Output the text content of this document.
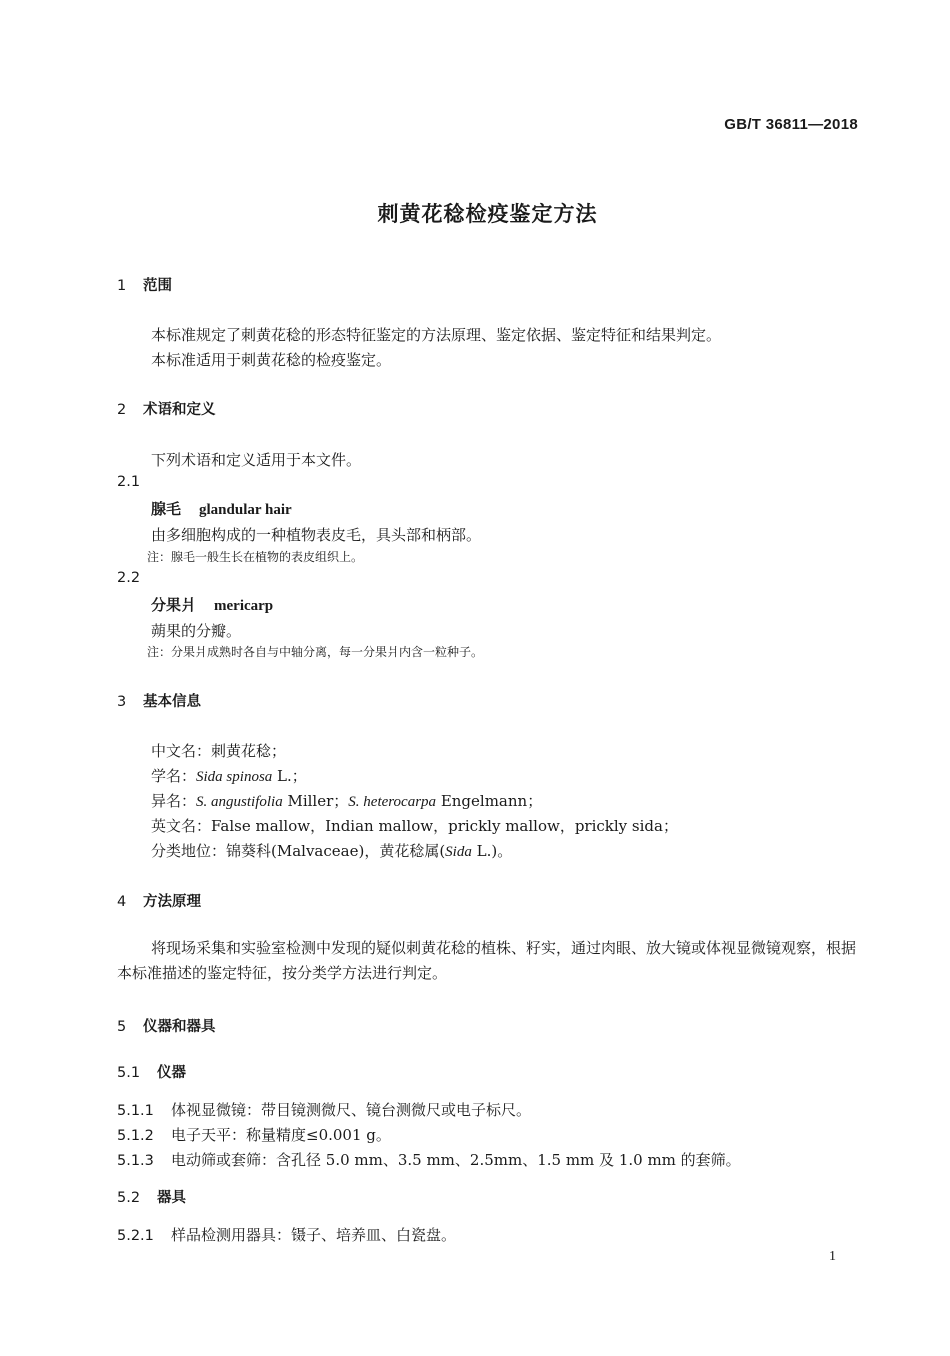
GB/T 36811—2018
刺黄花稔检疫鉴定方法
1 范围
本标准规定了刺黄花稔的形态特征鉴定的方法原理、鉴定依据、鉴定特征和结果判定。
本标准适用于刺黄花稔的检疫鉴定。
2 术语和定义
下列术语和定义适用于本文件。
2.1
腺毛 glandular hair
由多细胞构成的一种植物表皮毛，具头部和柄部。
注：腺毛一般生长在植物的表皮组织上。
2.2
分果爿 mericarp
蒴果的分瓣。
注：分果爿成熟时各自与中轴分离，每一分果爿内含一粒种子。
3 基本信息
中文名：刺黄花稔；
学名：Sida spinosa L.；
异名：S. angustifolia Miller；S. heterocarpa Engelmann；
英文名：False mallow，Indian mallow，prickly mallow，prickly sida；
分类地位：锦葵科(Malvaceae)，黄花稔属(Sida L.)。
4 方法原理
将现场采集和实验室检测中发现的疑似刺黄花稔的植株、籽实，通过肉眼、放大镜或体视显微镜观察，根据本标准描述的鉴定特征，按分类学方法进行判定。
5 仪器和器具
5.1 仪器
5.1.1 体视显微镜：带目镜测微尺、镜台测微尺或电子标尺。
5.1.2 电子天平：称量精度≤0.001 g。
5.1.3 电动筛或套筛：含孔径 5.0 mm、3.5 mm、2.5mm、1.5 mm 及 1.0 mm 的套筛。
5.2 器具
5.2.1 样品检测用器具：镊子、培养皿、白瓷盘。
1
